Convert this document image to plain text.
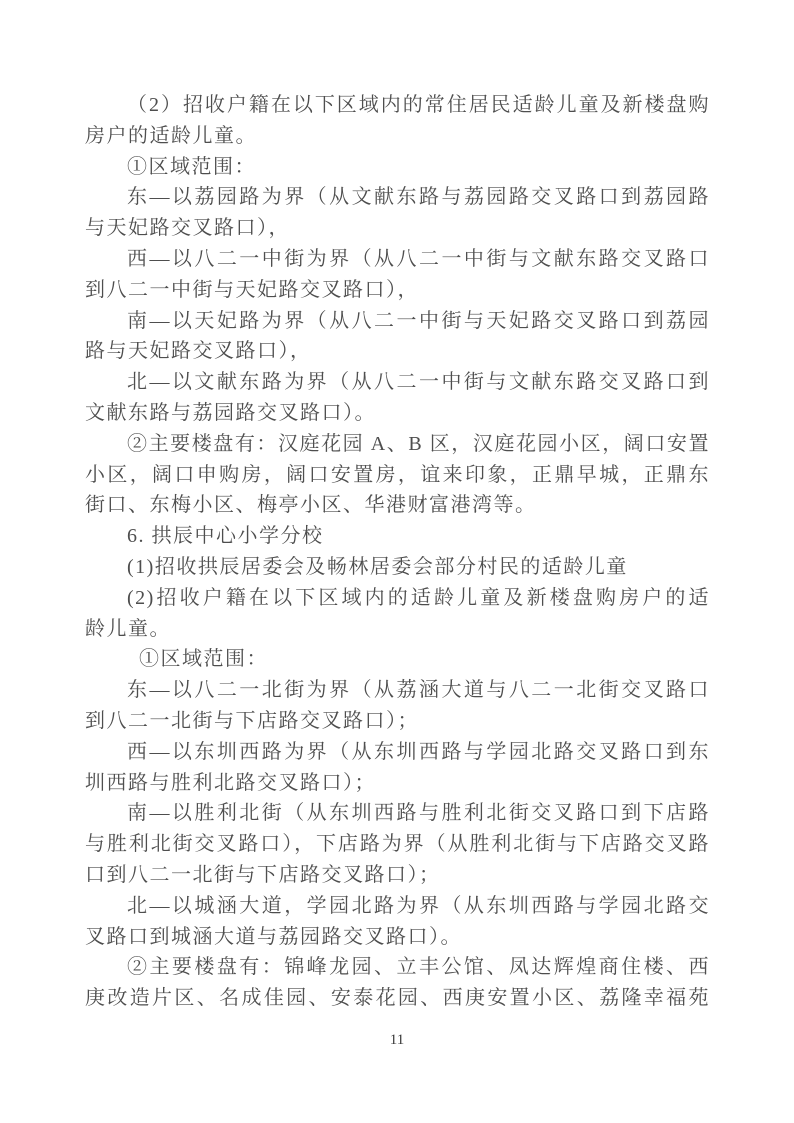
（2）招收户籍在以下区域内的常住居民适龄儿童及新楼盘购
房户的适龄儿童。
①区域范围：
东—以荔园路为界（从文献东路与荔园路交叉路口到荔园路
与天妃路交叉路口），
西—以八二一中街为界（从八二一中街与文献东路交叉路口
到八二一中街与天妃路交叉路口），
南—以天妃路为界（从八二一中街与天妃路交叉路口到荔园
路与天妃路交叉路口），
北—以文献东路为界（从八二一中街与文献东路交叉路口到
文献东路与荔园路交叉路口）。
②主要楼盘有：汉庭花园 A、B 区，汉庭花园小区，阔口安置
小区，阔口申购房，阔口安置房，谊来印象，正鼎早城，正鼎东
街口、东梅小区、梅亭小区、华港财富港湾等。
6. 拱辰中心小学分校
(1)招收拱辰居委会及畅林居委会部分村民的适龄儿童
(2)招收户籍在以下区域内的适龄儿童及新楼盘购房户的适
龄儿童。
①区域范围：
东—以八二一北街为界（从荔涵大道与八二一北街交叉路口
到八二一北街与下店路交叉路口）；
西—以东圳西路为界（从东圳西路与学园北路交叉路口到东
圳西路与胜利北路交叉路口）；
南—以胜利北街（从东圳西路与胜利北街交叉路口到下店路
与胜利北街交叉路口），下店路为界（从胜利北街与下店路交叉路
口到八二一北街与下店路交叉路口）；
北—以城涵大道，学园北路为界（从东圳西路与学园北路交
叉路口到城涵大道与荔园路交叉路口）。
②主要楼盘有：锦峰龙园、立丰公馆、凤达辉煌商住楼、西
庚改造片区、名成佳园、安泰花园、西庚安置小区、荔隆幸福苑
11
